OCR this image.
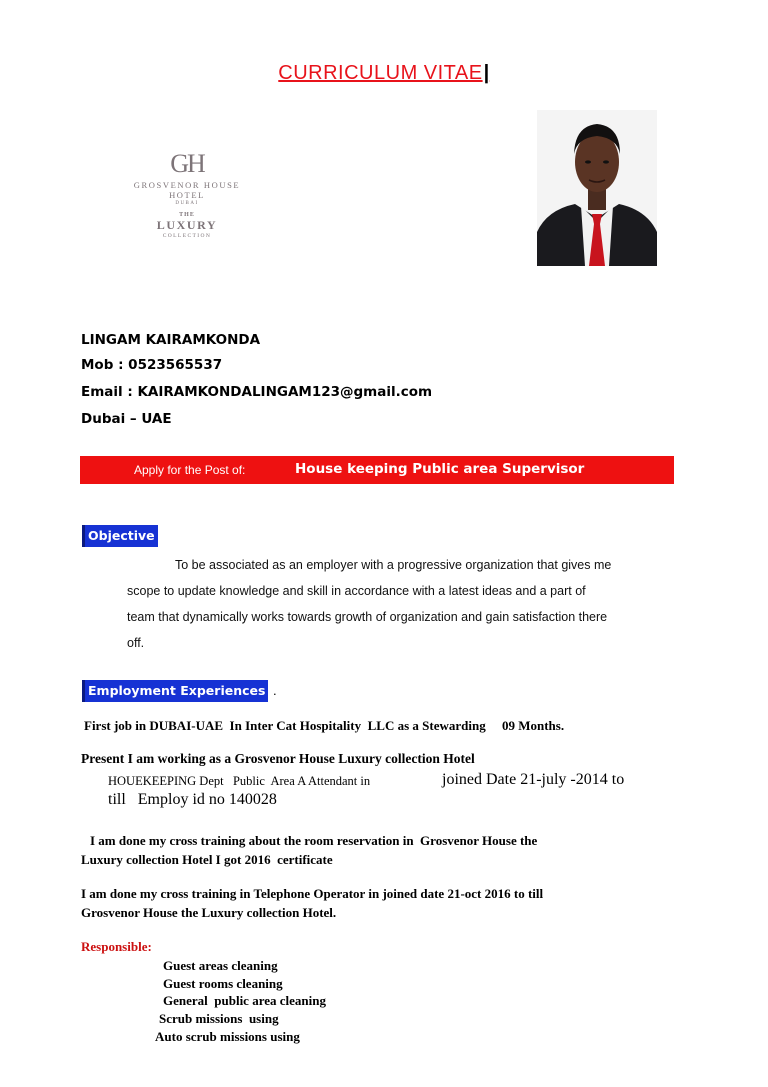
CURRICULUM VITAE|
GH
GROSVENOR HOUSE
HOTEL
DUBAI
THE
LUXURY
COLLECTION
LINGAM KAIRAMKONDA
Mob : 0523565537
Email : KAIRAMKONDALINGAM123@gmail.com
Dubai – UAE
Apply for the Post of:	House keeping Public area Supervisor
Objective
To be associated as an employer with a progressive organization that gives me
scope to update knowledge and skill in accordance with a latest ideas and a part of
team that dynamically works towards growth of organization and gain satisfaction there
off.
Employment Experiences .
First job in DUBAI-UAE  In Inter Cat Hospitality  LLC as a Stewarding     09 Months.
Present I am working as a Grosvenor House Luxury collection Hotel
HOUEKEEPING Dept   Public  Area A Attendant in	joined Date 21-july -2014 to
till   Employ id no 140028
I am done my cross training about the room reservation in  Grosvenor House the
Luxury collection Hotel I got 2016  certificate
I am done my cross training in Telephone Operator in joined date 21-oct 2016 to till
Grosvenor House the Luxury collection Hotel.
Responsible:
Guest areas cleaning
Guest rooms cleaning
General  public area cleaning
Scrub missions  using
Auto scrub missions using
